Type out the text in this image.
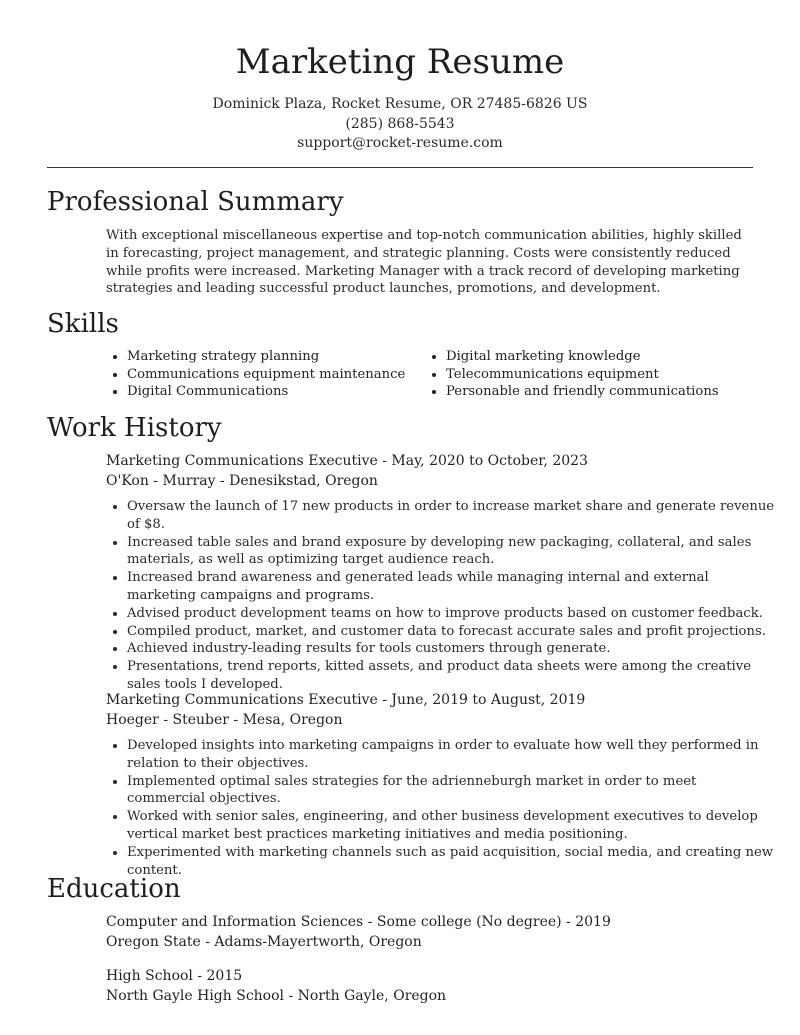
Marketing Resume
Dominick Plaza, Rocket Resume, OR 27485-6826 US
(285) 868-5543
support@rocket-resume.com
Professional Summary

With exceptional miscellaneous expertise and top-notch communication abilities, highly skilled in forecasting, project management, and strategic planning. Costs were consistently reduced while profits were increased. Marketing Manager with a track record of developing marketing strategies and leading successful product launches, promotions, and development.

Skills
• Marketing strategy planning
• Communications equipment maintenance
• Digital Communications
• Digital marketing knowledge
• Telecommunications equipment
• Personable and friendly communications
Work History
Marketing Communications Executive - May, 2020 to October, 2023
O'Kon - Murray - Denesikstad, Oregon
• Oversaw the launch of 17 new products in order to increase market share and generate revenue of $8.
• Increased table sales and brand exposure by developing new packaging, collateral, and sales materials, as well as optimizing target audience reach.
• Increased brand awareness and generated leads while managing internal and external marketing campaigns and programs.
• Advised product development teams on how to improve products based on customer feedback.
• Compiled product, market, and customer data to forecast accurate sales and profit projections.
• Achieved industry-leading results for tools customers through generate.
• Presentations, trend reports, kitted assets, and product data sheets were among the creative sales tools I developed.
Marketing Communications Executive - June, 2019 to August, 2019
Hoeger - Steuber - Mesa, Oregon
• Developed insights into marketing campaigns in order to evaluate how well they performed in relation to their objectives.
• Implemented optimal sales strategies for the adrienneburgh market in order to meet commercial objectives.
• Worked with senior sales, engineering, and other business development executives to develop vertical market best practices marketing initiatives and media positioning.
• Experimented with marketing channels such as paid acquisition, social media, and creating new content.
Education
Computer and Information Sciences - Some college (No degree) - 2019
Oregon State - Adams-Mayertworth, Oregon
High School - 2015
North Gayle High School - North Gayle, Oregon
